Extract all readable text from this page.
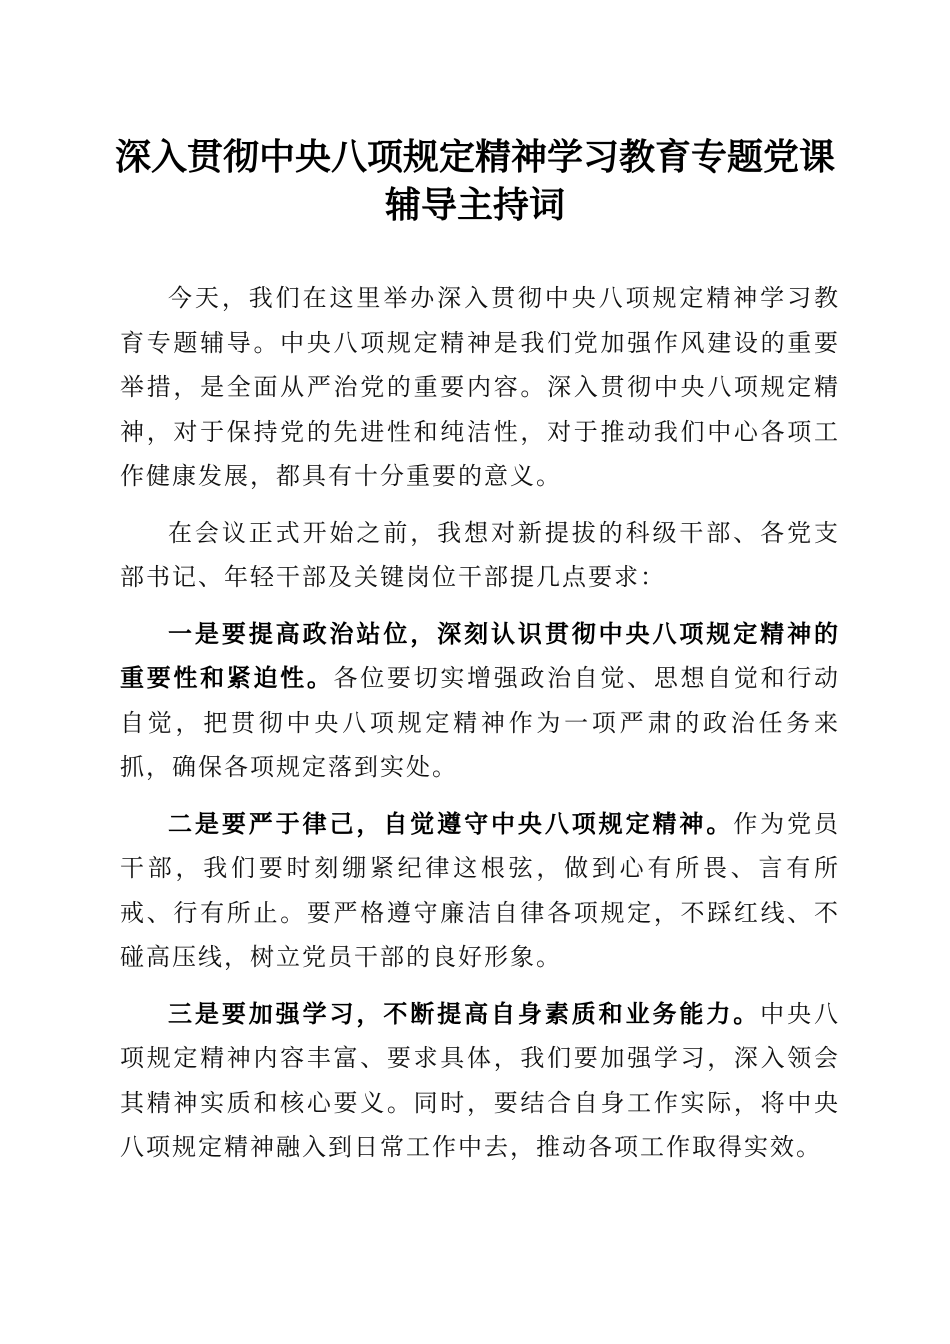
深入贯彻中央八项规定精神学习教育专题党课
辅导主持词

今天，我们在这里举办深入贯彻中央八项规定精神学习教育专题辅导。中央八项规定精神是我们党加强作风建设的重要举措，是全面从严治党的重要内容。深入贯彻中央八项规定精神，对于保持党的先进性和纯洁性，对于推动我们中心各项工作健康发展，都具有十分重要的意义。

在会议正式开始之前，我想对新提拔的科级干部、各党支部书记、年轻干部及关键岗位干部提几点要求：

一是要提高政治站位，深刻认识贯彻中央八项规定精神的重要性和紧迫性。各位要切实增强政治自觉、思想自觉和行动自觉，把贯彻中央八项规定精神作为一项严肃的政治任务来抓，确保各项规定落到实处。

二是要严于律己，自觉遵守中央八项规定精神。作为党员干部，我们要时刻绷紧纪律这根弦，做到心有所畏、言有所戒、行有所止。要严格遵守廉洁自律各项规定，不踩红线、不碰高压线，树立党员干部的良好形象。

三是要加强学习，不断提高自身素质和业务能力。中央八项规定精神内容丰富、要求具体，我们要加强学习，深入领会其精神实质和核心要义。同时，要结合自身工作实际，将中央八项规定精神融入到日常工作中去，推动各项工作取得实效。
